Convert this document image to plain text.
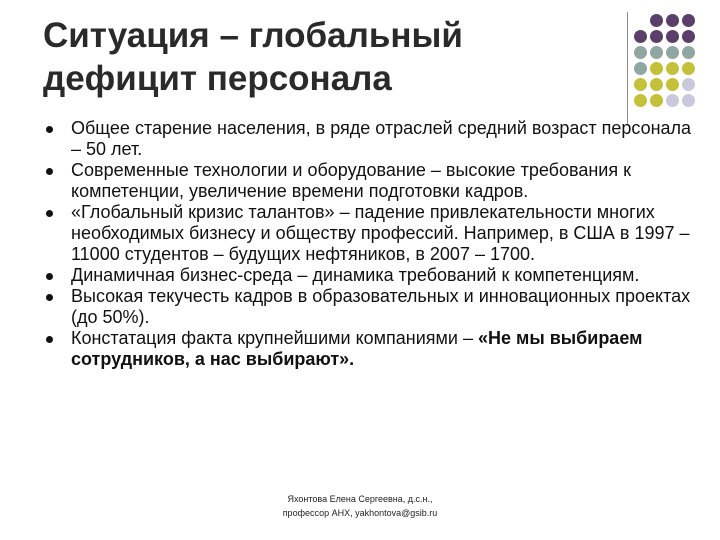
Ситуация – глобальный
дефицит персонала
Общее старение населения, в ряде отраслей средний возраст персонала – 50 лет.
Современные технологии и оборудование – высокие требования к компетенции, увеличение времени подготовки кадров.
«Глобальный кризис талантов» – падение привлекательности многих необходимых бизнесу и обществу профессий. Например, в США в 1997 – 11000 студентов – будущих нефтяников, в 2007 – 1700.
Динамичная бизнес-среда – динамика требований к компетенциям.
Высокая текучесть кадров в образовательных и инновационных проектах (до 50%).
Констатация факта крупнейшими компаниями – «Не мы выбираем сотрудников, а нас выбирают».
Яхонтова Елена Сергеевна, д.с.н.,
профессор АНХ, yakhontova@gsib.ru
